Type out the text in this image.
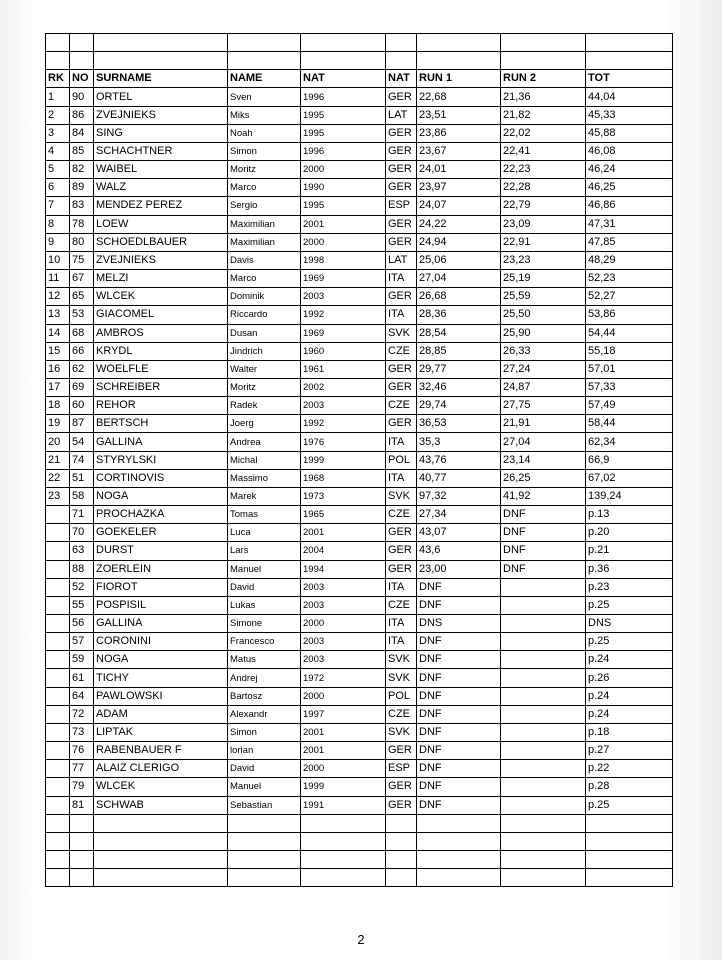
RK	NO	SURNAME	NAME	NAT	NAT	RUN 1	RUN 2	TOT
1	90	ORTEL	Sven	1996	GER	22,68	21,36	44,04
2	86	ZVEJNIEKS	Miks	1995	LAT	23,51	21,82	45,33
3	84	SING	Noah	1995	GER	23,86	22,02	45,88
4	85	SCHACHTNER	Simon	1996	GER	23,67	22,41	46,08
5	82	WAIBEL	Moritz	2000	GER	24,01	22,23	46,24
6	89	WALZ	Marco	1990	GER	23,97	22,28	46,25
7	83	MENDEZ PEREZ	Sergio	1995	ESP	24,07	22,79	46,86
8	78	LOEW	Maximilian	2001	GER	24,22	23,09	47,31
9	80	SCHOEDLBAUER	Maximilian	2000	GER	24,94	22,91	47,85
10	75	ZVEJNIEKS	Davis	1998	LAT	25,06	23,23	48,29
11	67	MELZI	Marco	1969	ITA	27,04	25,19	52,23
12	65	WLCEK	Dominik	2003	GER	26,68	25,59	52,27
13	53	GIACOMEL	Riccardo	1992	ITA	28,36	25,50	53,86
14	68	AMBROS	Dusan	1969	SVK	28,54	25,90	54,44
15	66	KRYDL	Jindrich	1960	CZE	28,85	26,33	55,18
16	62	WOELFLE	Walter	1961	GER	29,77	27,24	57,01
17	69	SCHREIBER	Moritz	2002	GER	32,46	24,87	57,33
18	60	REHOR	Radek	2003	CZE	29,74	27,75	57,49
19	87	BERTSCH	Joerg	1992	GER	36,53	21,91	58,44
20	54	GALLINA	Andrea	1976	ITA	35,3	27,04	62,34
21	74	STYRYLSKI	Michal	1999	POL	43,76	23,14	66,9
22	51	CORTINOVIS	Massimo	1968	ITA	40,77	26,25	67,02
23	58	NOGA	Marek	1973	SVK	97,32	41,92	139,24
	71	PROCHAZKA	Tomas	1965	CZE	27,34	DNF	p.13
	70	GOEKELER	Luca	2001	GER	43,07	DNF	p.20
	63	DURST	Lars	2004	GER	43,6	DNF	p.21
	88	ZOERLEIN	Manuel	1994	GER	23,00	DNF	p.36
	52	FIOROT	David	2003	ITA	DNF		p.23
	55	POSPISIL	Lukas	2003	CZE	DNF		p.25
	56	GALLINA	Simone	2000	ITA	DNS		DNS
	57	CORONINI	Francesco	2003	ITA	DNF		p.25
	59	NOGA	Matus	2003	SVK	DNF		p.24
	61	TICHY	Andrej	1972	SVK	DNF		p.26
	64	PAWLOWSKI	Bartosz	2000	POL	DNF		p.24
	72	ADAM	Alexandr	1997	CZE	DNF		p.24
	73	LIPTAK	Simon	2001	SVK	DNF		p.18
	76	RABENBAUER F	lorian	2001	GER	DNF		p.27
	77	ALAIZ CLERIGO	David	2000	ESP	DNF		p.22
	79	WLCEK	Manuel	1999	GER	DNF		p.28
	81	SCHWAB	Sebastian	1991	GER	DNF		p.25

2
